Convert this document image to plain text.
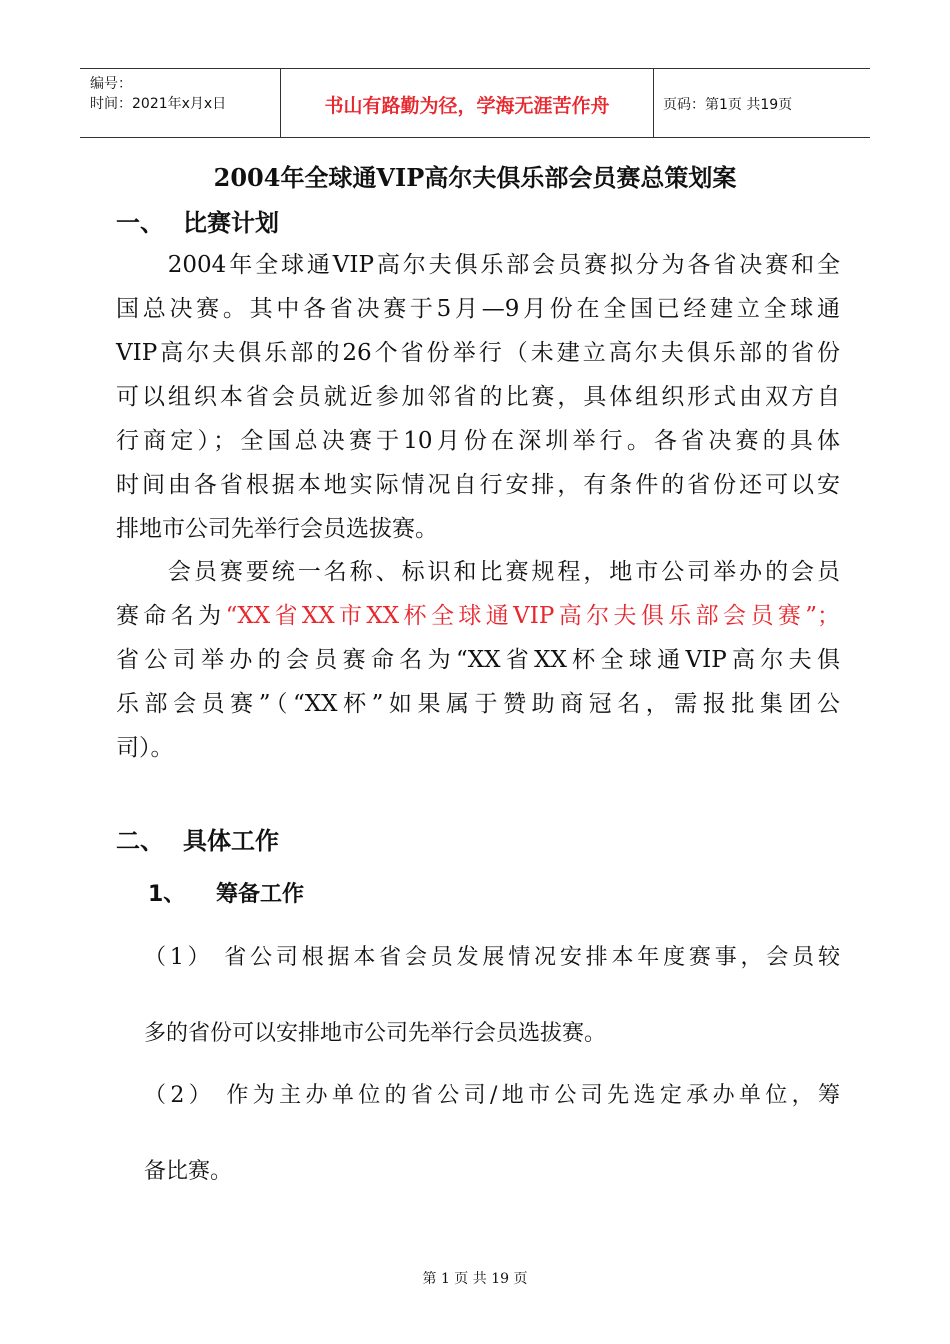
编号：
时间：2021年x月x日	书山有路勤为径，学海无涯苦作舟	页码：第1页 共19页
2004年全球通VIP高尔夫俱乐部会员赛总策划案
一、 比赛计划
　　2004年全球通VIP高尔夫俱乐部会员赛拟分为各省决赛和全
国总决赛。其中各省决赛于5月—9月份在全国已经建立全球通
VIP高尔夫俱乐部的26个省份举行（未建立高尔夫俱乐部的省份
可以组织本省会员就近参加邻省的比赛，具体组织形式由双方自
行商定）；全国总决赛于10月份在深圳举行。各省决赛的具体
时间由各省根据本地实际情况自行安排，有条件的省份还可以安
排地市公司先举行会员选拔赛。
　　会员赛要统一名称、标识和比赛规程，地市公司举办的会员
赛命名为“XX省XX市XX杯全球通VIP高尔夫俱乐部会员赛”；
省公司举办的会员赛命名为“XX省XX杯全球通VIP高尔夫俱
乐部会员赛”（“XX杯”如果属于赞助商冠名，需报批集团公
司）。
二、 具体工作
1、 筹备工作
（1） 省公司根据本省会员发展情况安排本年度赛事，会员较
多的省份可以安排地市公司先举行会员选拔赛。
（2） 作为主办单位的省公司/地市公司先选定承办单位，筹
备比赛。
第 1 页 共 19 页
